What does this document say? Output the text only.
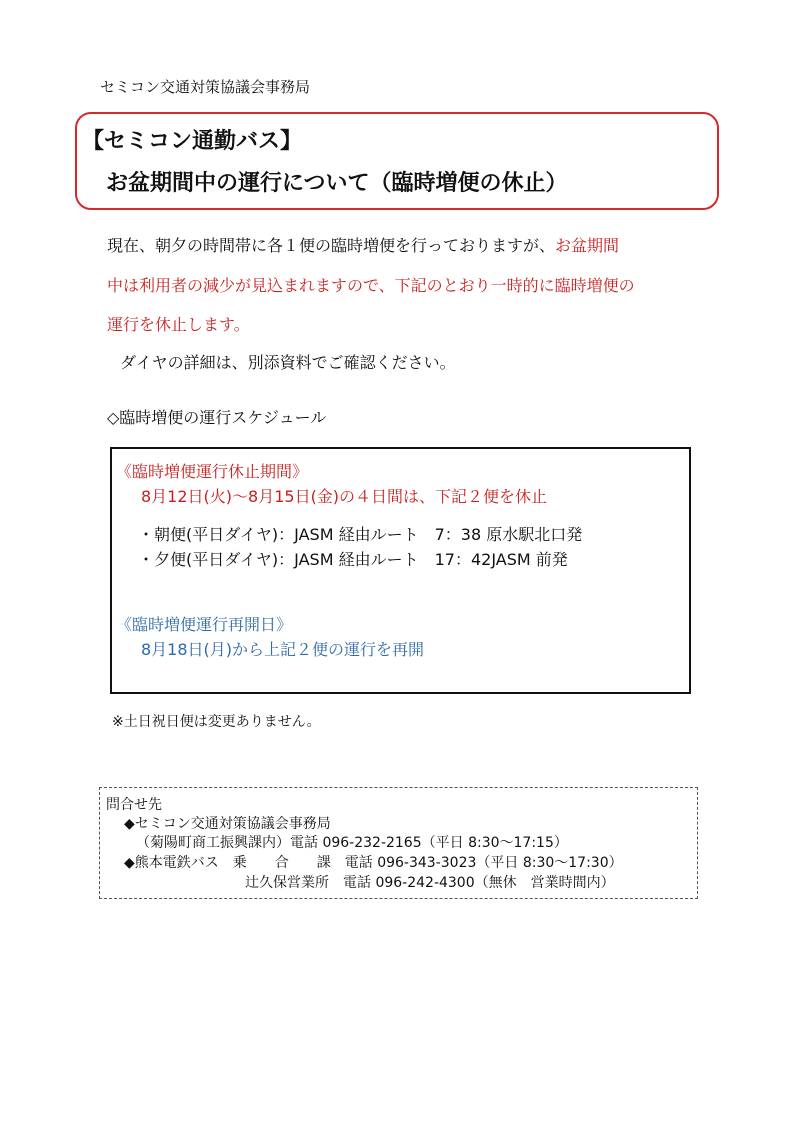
セミコン交通対策協議会事務局
【セミコン通勤バス】
お盆期間中の運行について（臨時増便の休止）
現在、朝夕の時間帯に各１便の臨時増便を行っておりますが、お盆期間
中は利用者の減少が見込まれますので、下記のとおり一時的に臨時増便の
運行を休止します。
ダイヤの詳細は、別添資料でご確認ください。
◇臨時増便の運行スケジュール
《臨時増便運行休止期間》
8月12日(火)～8月15日(金)の４日間は、下記２便を休止
・朝便(平日ダイヤ)：JASM 経由ルート　7：38 原水駅北口発
・夕便(平日ダイヤ)：JASM 経由ルート　17：42JASM 前発
《臨時増便運行再開日》
8月18日(月)から上記２便の運行を再開
※土日祝日便は変更ありません。
問合せ先
◆セミコン交通対策協議会事務局
（菊陽町商工振興課内）電話 096-232-2165（平日 8:30～17:15）
◆熊本電鉄バス　乗　　合　　課　電話 096-343-3023（平日 8:30～17:30）
辻久保営業所　電話 096-242-4300（無休　営業時間内）
